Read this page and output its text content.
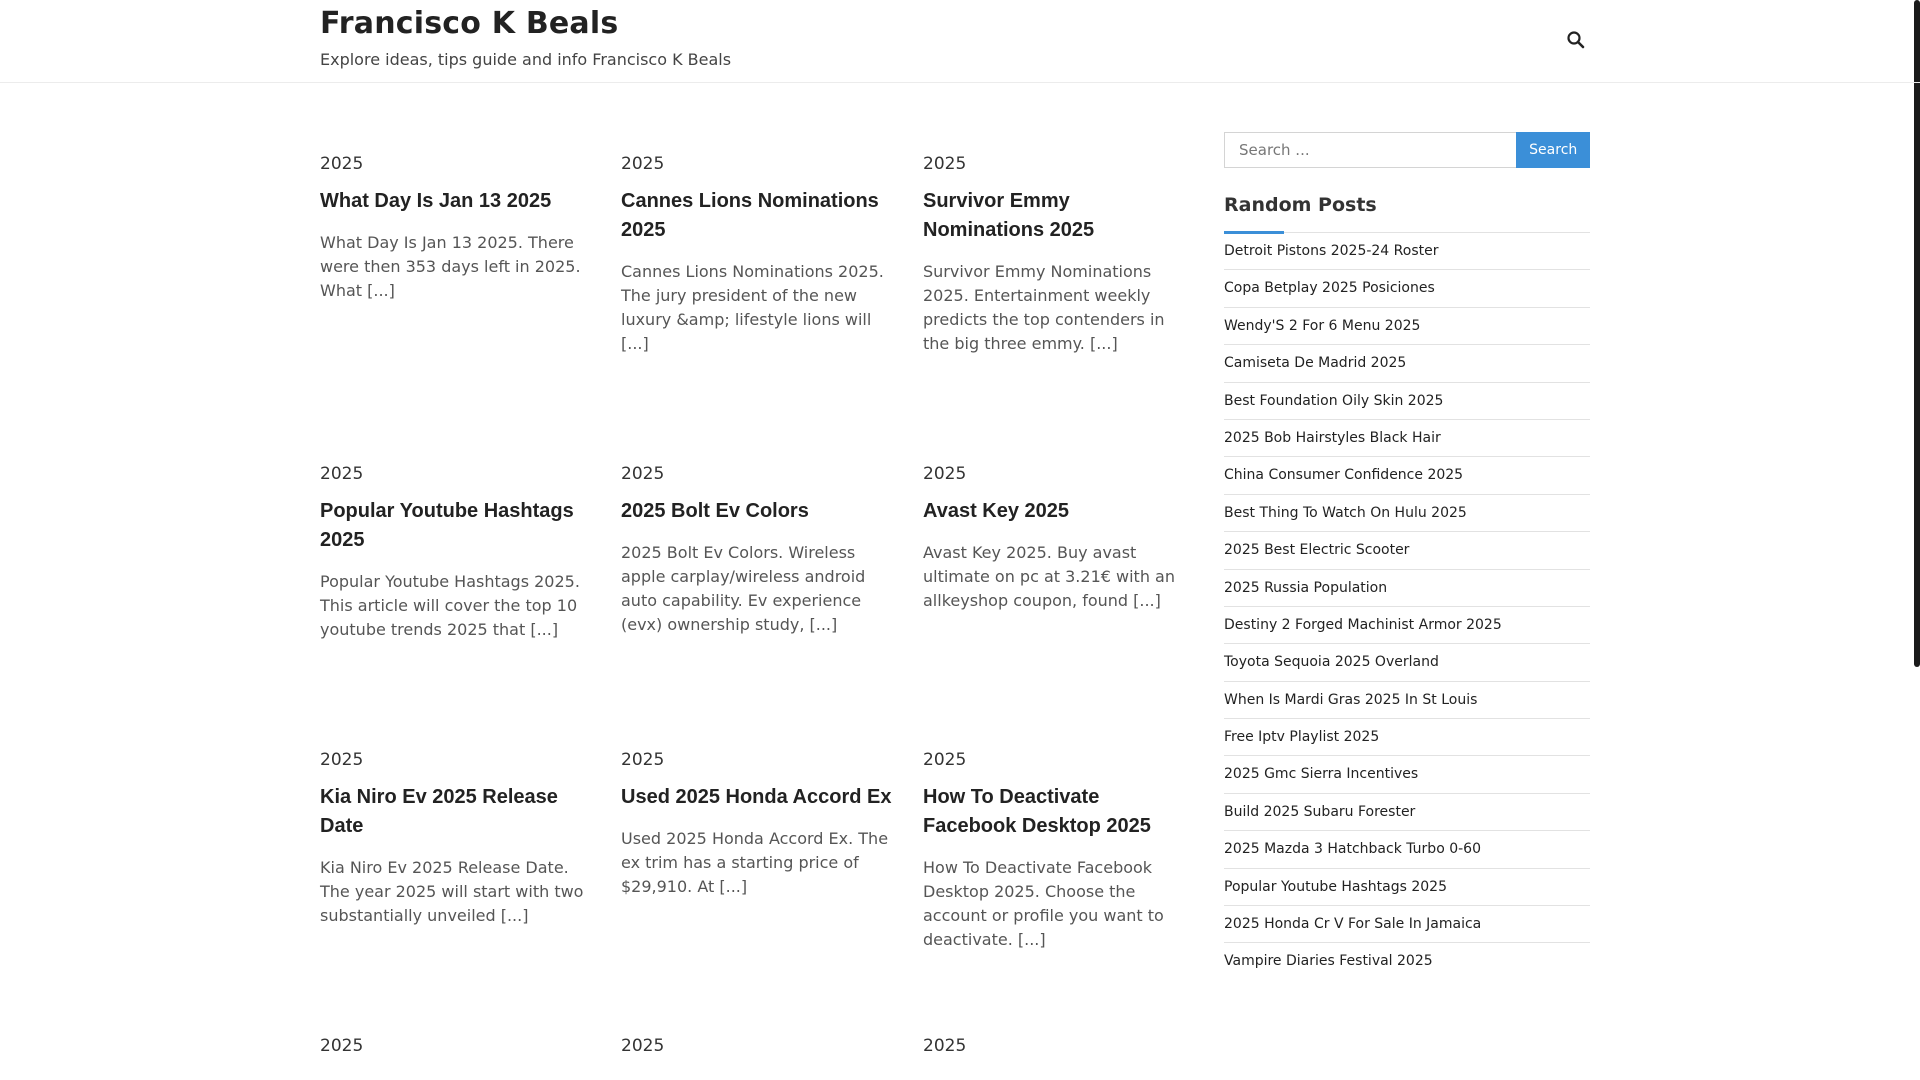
Francisco K Beals
Explore ideas, tips guide and info Francisco K Beals
2025
What Day Is Jan 13 2025
What Day Is Jan 13 2025. There were then 353 days left in 2025. What [...]
2025
Cannes Lions Nominations 2025
Cannes Lions Nominations 2025. The jury president of the new luxury &amp; lifestyle lions will [...]
2025
Survivor Emmy Nominations 2025
Survivor Emmy Nominations 2025. Entertainment weekly predicts the top contenders in the big three emmy. [...]
2025
Popular Youtube Hashtags 2025
Popular Youtube Hashtags 2025. This article will cover the top 10 youtube trends 2025 that [...]
2025
2025 Bolt Ev Colors
2025 Bolt Ev Colors. Wireless apple carplay/wireless android auto capability. Ev experience (evx) ownership study, [...]
2025
Avast Key 2025
Avast Key 2025. Buy avast ultimate on pc at 3.21€ with an allkeyshop coupon, found [...]
2025
Kia Niro Ev 2025 Release Date
Kia Niro Ev 2025 Release Date. The year 2025 will start with two substantially unveiled [...]
2025
Used 2025 Honda Accord Ex
Used 2025 Honda Accord Ex. The ex trim has a starting price of $29,910. At [...]
2025
How To Deactivate Facebook Desktop 2025
How To Deactivate Facebook Desktop 2025. Choose the account or profile you want to deactivate. [...]
2025	2025	2025
Search ...
Search
Random Posts
Detroit Pistons 2025-24 Roster
Copa Betplay 2025 Posiciones
Wendy'S 2 For 6 Menu 2025
Camiseta De Madrid 2025
Best Foundation Oily Skin 2025
2025 Bob Hairstyles Black Hair
China Consumer Confidence 2025
Best Thing To Watch On Hulu 2025
2025 Best Electric Scooter
2025 Russia Population
Destiny 2 Forged Machinist Armor 2025
Toyota Sequoia 2025 Overland
When Is Mardi Gras 2025 In St Louis
Free Iptv Playlist 2025
2025 Gmc Sierra Incentives
Build 2025 Subaru Forester
2025 Mazda 3 Hatchback Turbo 0-60
Popular Youtube Hashtags 2025
2025 Honda Cr V For Sale In Jamaica
Vampire Diaries Festival 2025
